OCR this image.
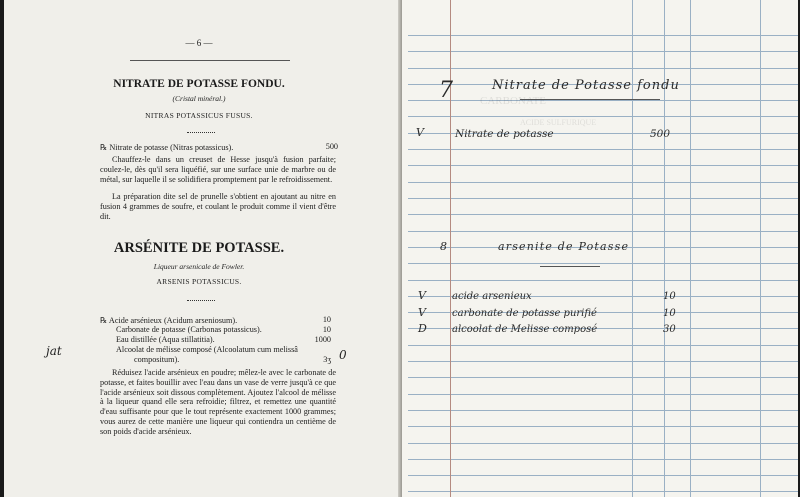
— 6 —
NITRATE DE POTASSE FONDU.
(Cristal minéral.)
NITRAS POTASSICUS FUSUS.
℞ Nitrate de potasse (Nitras potassicus).	500
Chauffez-le dans un creuset de Hesse jusqu'à fusion parfaite; coulez-le, dès qu'il sera liquéfié, sur une surface unie de marbre ou de métal, sur laquelle il se solidifiera promptement par le refroidissement.
La préparation dite sel de prunelle s'obtient en ajoutant au nitre en fusion 4 grammes de soufre, et coulant le produit comme il vient d'être dit.
ARSÉNITE DE POTASSE.
Liqueur arsenicale de Fowler.
ARSENIS POTASSICUS.
℞ Acide arsénieux (Acidum arseniosum).	10
Carbonate de potasse (Carbonas potassicus).	10
Eau distillée (Aqua stillatitia).	1000
Alcoolat de mélisse composé (Alcoolatum cum melissâ
compositum).	3ʒ
Réduisez l'acide arsénieux en poudre; mêlez-le avec le carbonate de potasse, et faites bouillir avec l'eau dans un vase de verre jusqu'à ce que l'acide arsénieux soit dissous complètement. Ajoutez l'alcool de mélisse à la liqueur quand elle sera refroidie; filtrez, et remettez une quantité d'eau suffisante pour que le tout représente exactement 1000 grammes; vous aurez de cette manière une liqueur qui contiendra un centième de son poids d'acide arsénieux.
jat	0
CARBONATE
ACIDE SULFURIQUE
7	Nitrate de Potasse fondu
V	Nitrate de potasse	500
8	arsenite de Potasse
V	acide arsenieux	10
V	carbonate de potasse purifié	10
D	alcoolat de Melisse composé	30
